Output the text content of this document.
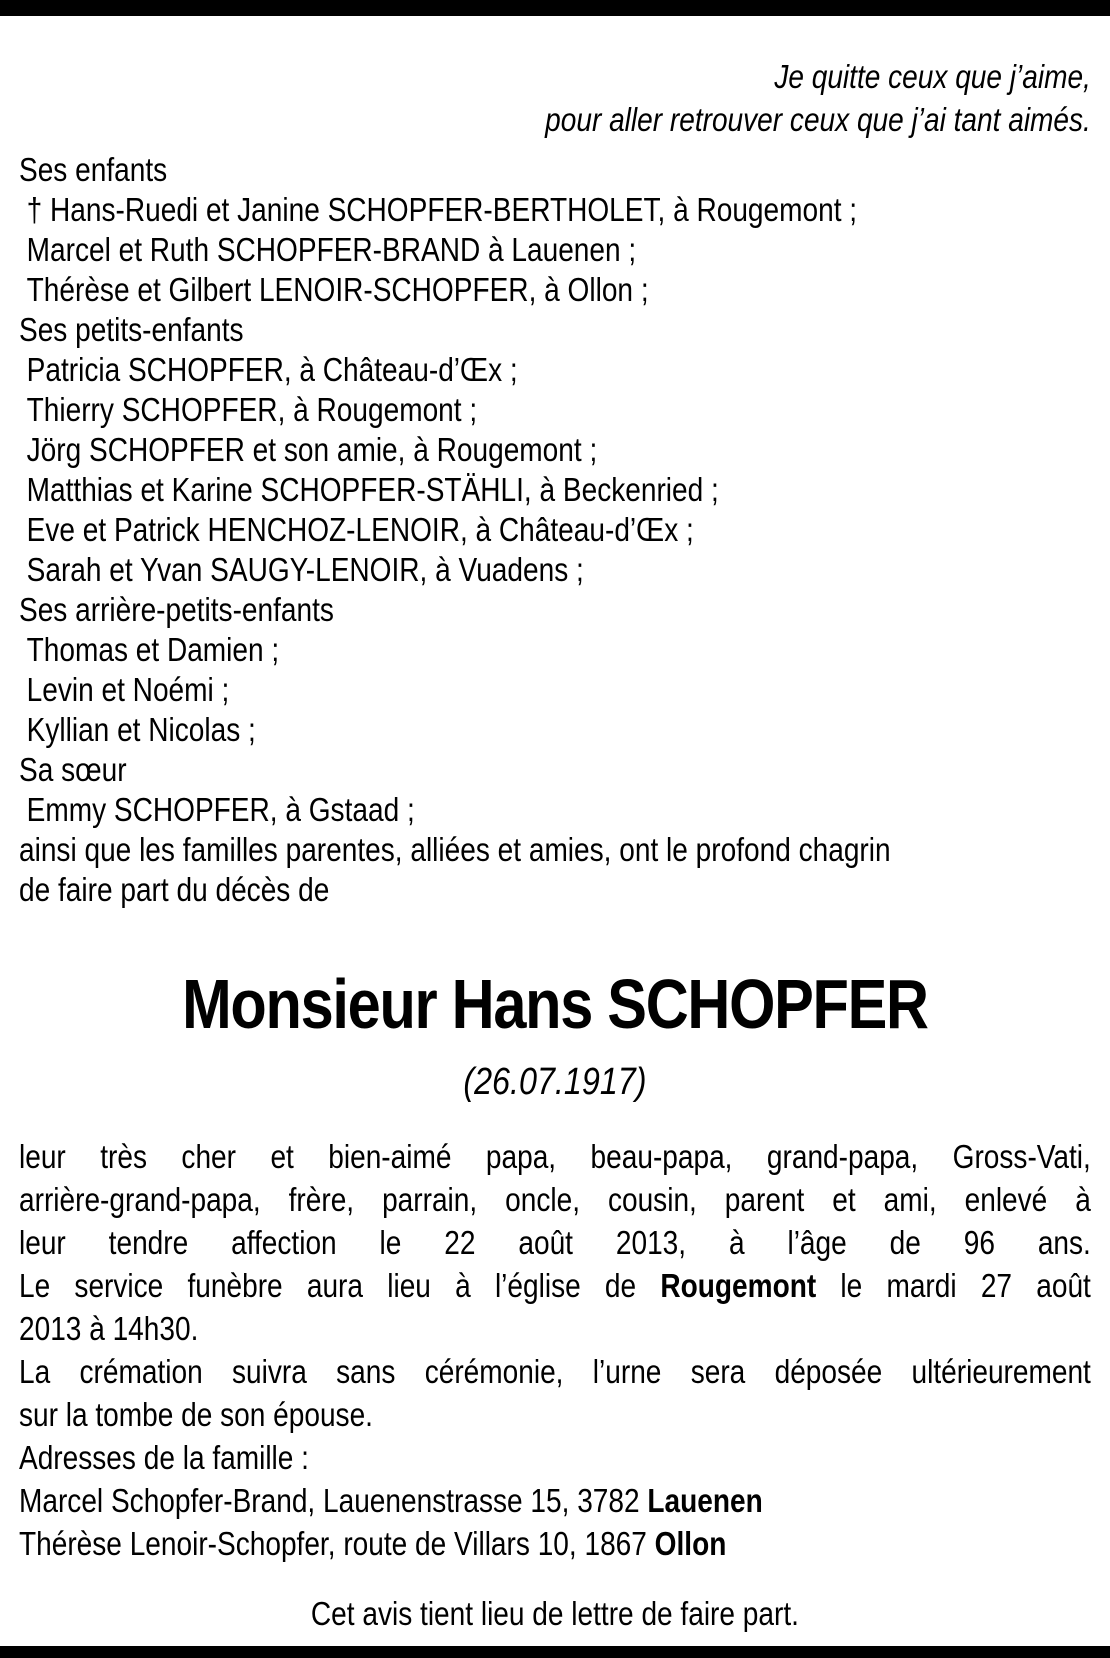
Je quitte ceux que j’aime,
pour aller retrouver ceux que j’ai tant aimés.
Ses enfants
† Hans-Ruedi et Janine SCHOPFER-BERTHOLET, à Rougemont ;
Marcel et Ruth SCHOPFER-BRAND à Lauenen ;
Thérèse et Gilbert LENOIR-SCHOPFER, à Ollon ;
Ses petits-enfants
Patricia SCHOPFER, à Château-d’Œx ;
Thierry SCHOPFER, à Rougemont ;
Jörg SCHOPFER et son amie, à Rougemont ;
Matthias et Karine SCHOPFER-STÄHLI, à Beckenried ;
Eve et Patrick HENCHOZ-LENOIR, à Château-d’Œx ;
Sarah et Yvan SAUGY-LENOIR, à Vuadens ;
Ses arrière-petits-enfants
Thomas et Damien ;
Levin et Noémi ;
Kyllian et Nicolas ;
Sa sœur
Emmy SCHOPFER, à Gstaad ;
ainsi que les familles parentes, alliées et amies, ont le profond chagrin
de faire part du décès de
Monsieur Hans SCHOPFER
(26.07.1917)
leur très cher et bien-aimé papa, beau-papa, grand-papa, Gross-Vati,
arrière-grand-papa, frère, parrain, oncle, cousin, parent et ami, enlevé à
leur tendre affection le 22 août 2013, à l’âge de 96 ans.
Le service funèbre aura lieu à l’église de Rougemont le mardi 27 août
2013 à 14h30.
La crémation suivra sans cérémonie, l’urne sera déposée ultérieurement
sur la tombe de son épouse.
Adresses de la famille :
Marcel Schopfer-Brand, Lauenenstrasse 15, 3782 Lauenen
Thérèse Lenoir-Schopfer, route de Villars 10, 1867 Ollon
Cet avis tient lieu de lettre de faire part.
